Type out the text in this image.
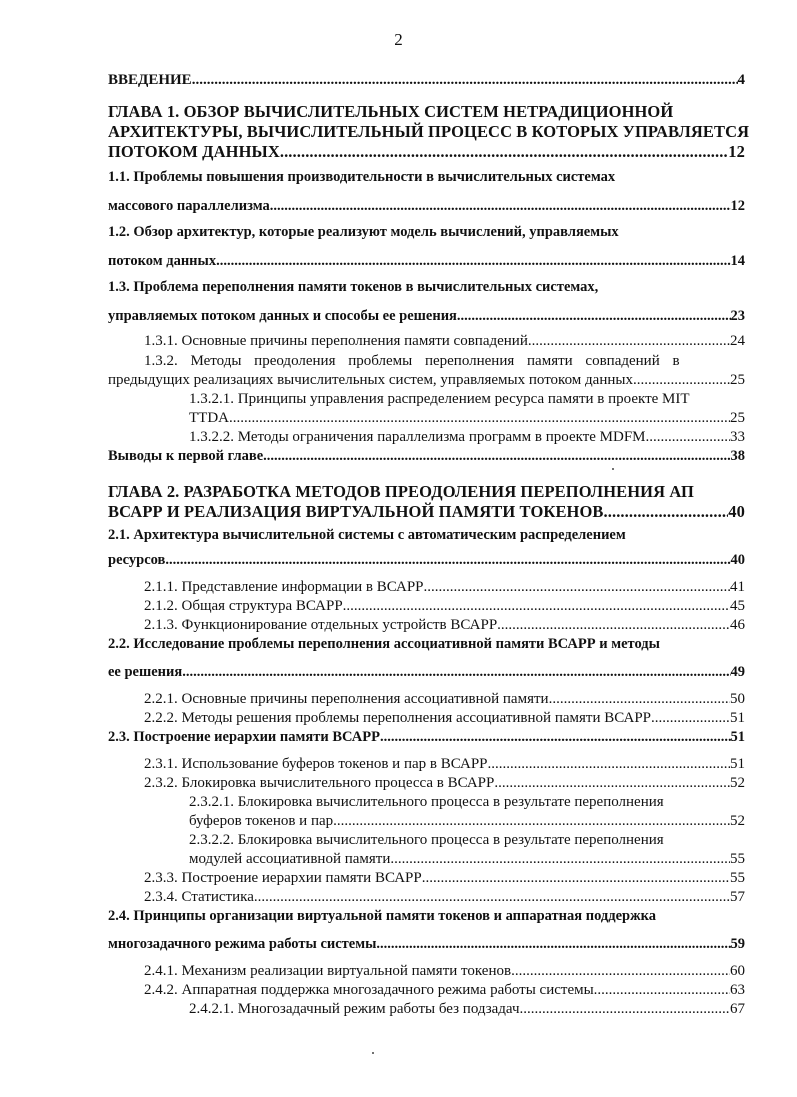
2
ВВЕДЕНИЕ .....	4
ГЛАВА 1. ОБЗОР ВЫЧИСЛИТЕЛЬНЫХ СИСТЕМ НЕТРАДИЦИОННОЙ
АРХИТЕКТУРЫ, ВЫЧИСЛИТЕЛЬНЫЙ ПРОЦЕСС В КОТОРЫХ УПРАВЛЯЕТСЯ
ПОТОКОМ ДАННЫХ .....	12
1.1. Проблемы повышения производительности в вычислительных системах
массового параллелизма .....	12
1.2. Обзор архитектур, которые реализуют модель вычислений, управляемых
потоком данных .....	14
1.3. Проблема переполнения памяти токенов в вычислительных системах,
управляемых потоком данных и способы ее решения .....	23
1.3.1. Основные причины переполнения памяти совпадений .....	24
1.3.2. Методы преодоления проблемы переполнения памяти совпадений в
предыдущих реализациях вычислительных систем, управляемых потоком данных .....	25
1.3.2.1. Принципы управления распределением ресурса памяти в проекте MIT
TTDA .....	25
1.3.2.2. Методы ограничения параллелизма программ в проекте MDFM .....	33
Выводы к первой главе .....	38
ГЛАВА 2. РАЗРАБОТКА МЕТОДОВ ПРЕОДОЛЕНИЯ ПЕРЕПОЛНЕНИЯ АП
ВСАРР И РЕАЛИЗАЦИЯ ВИРТУАЛЬНОЙ ПАМЯТИ ТОКЕНОВ .....	40
2.1. Архитектура вычислительной системы с автоматическим распределением
ресурсов .....	40
2.1.1. Представление информации в ВСАРР .....	41
2.1.2. Общая структура ВСАРР .....	45
2.1.3. Функционирование отдельных устройств ВСАРР .....	46
2.2. Исследование проблемы переполнения ассоциативной памяти ВСАРР и методы
ее решения .....	49
2.2.1. Основные причины переполнения ассоциативной памяти .....	50
2.2.2. Методы решения проблемы переполнения ассоциативной памяти ВСАРР .....	51
2.3. Построение иерархии памяти ВСАРР .....	51
2.3.1. Использование буферов токенов и пар в ВСАРР .....	51
2.3.2. Блокировка вычислительного процесса в ВСАРР .....	52
2.3.2.1. Блокировка вычислительного процесса в результате переполнения
буферов токенов и пар .....	52
2.3.2.2. Блокировка вычислительного процесса в результате переполнения
модулей ассоциативной памяти .....	55
2.3.3. Построение иерархии памяти ВСАРР .....	55
2.3.4. Статистика .....	57
2.4. Принципы организации виртуальной памяти токенов и аппаратная поддержка
многозадачного режима работы системы .....	59
2.4.1. Механизм реализации виртуальной памяти токенов .....	60
2.4.2. Аппаратная поддержка многозадачного режима работы системы .....	63
2.4.2.1. Многозадачный режим работы без подзадач .....	67
